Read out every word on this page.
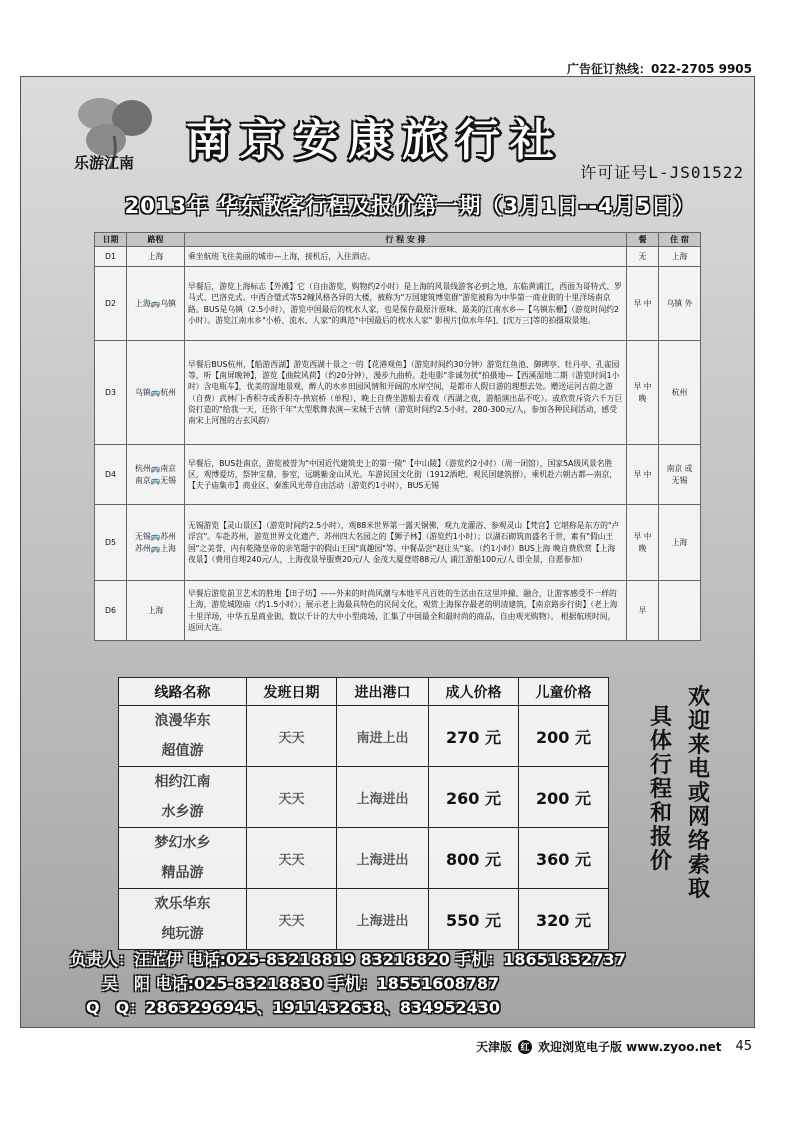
广告征订热线：022-2705 9905
乐游江南 南京安康旅行社
许可证号L-JS01522
2013年 华东散客行程及报价第一期（3月1日--4月5日）
日期	路程	行 程 安 排	餐	住 宿
D1	上海	乘坐航班飞往美丽的城市—上海，接机后，入住酒店。	无	上海
D2	上海🚌乌镇	早餐后，游览上海标志【外滩】它（自由游览，购物约2小时）是上海的风景线游客必到之地，东临黄浦江，西面为哥特式、罗马式、巴洛克式、中西合璧式等52幢风格各异的大楼，被称为"万国建筑博览群"游览被称为中华第一商业街的十里洋场南京路。BUS是乌镇（2.5小时），游览中国最后的枕水人家，也是保存最原汁原味、最美的江南水乡—【乌镇东栅】（游览时间约2小时）。游览江南水乡"小桥、流水、人家"的典范"中国最后的枕水人家" 影视片[似水年华]、[沈万三]等的拍摄取景地。	早 中	乌镇 外
D3	乌镇🚌杭州	早餐后BUS杭州，【船游西湖】游览西湖十景之一的【花港观鱼】（游览时间约30分钟）游览红鱼池、御碑亭、牡丹亭、孔雀园等，听【南屏晚钟】，游览【曲院风荷】（约20分钟），漫步九曲桥。赴电影"非诚勿扰"拍摄地—【西溪湿地二期（游览时间1小时）含电瓶车】，优美的湿地景观，醉人的水乡田园风情和开阔的水岸空间，是都市人假日游的理想去处。赠送运河古韵之游（自费）武林门-香积寺或香积寺-拱宸桥（单程），晚上自费坐游船去看戏（西湖之夜，游船演出品不吃）。或欣赏斥资六千万巨资打造的"给我一天，还你千年"大型歌舞表演—宋城千古情（游览时间约2.5小时，280-300元/人，参加各种民间活动，感受南宋上河图的古玄风韵）	早 中 晚	杭州
D4	杭州🚌南京 南京🚌无锡	早餐后，BUS赴南京，游览被誉为"中国近代建筑史上的第一陵"【中山陵】（游览约2小时）（周一闭馆），国家5A级风景名胜区，观博爱坊，祭钟宝鼎，参室，远眺紫金山风光。车游民国文化街（1912酒吧、观民国建筑群），乘机赴六朝古都—南京，【夫子庙集市】商业区、秦淮风光带自由活动（游览约1小时），BUS无锡	早 中	南京 或 无锡
D5	无锡🚌苏州 苏州🚌上海	无锡游览【灵山景区】（游览时间约2.5小时），观88米世界第一露天铜佛，观九龙灌浴、参观灵山【梵宫】它堪称是东方的"卢浮宫"。车赴苏州，游览世界文化遗产、苏州四大名园之的【狮子林】（游览约1小时）；以湖石砌筑而盛名于世，素有"假山王国"之美誉，内有乾隆皇帝的亲笔题字的假山王国"真趣园"等。中餐品尝"赵让头"宴。（约1小时）BUS上海 晚自费欣赏【上海夜景】（费用自理240元/人，上海夜景导服费20元/人 金茂大厦登塔88元/人 浦江游船100元/人 即全景，自愿参加）	早 中 晚	上海
D6	上海	早餐后游览前卫艺术的胜地【田子坊】——外来的时尚风潮与本地平凡百姓的生活由在这里冲撞、融合，让游客感受不一样的上海，游览城隍庙（约1.5小时）；展示老上海最具特色的民间文化，观赏上海保存最老的明清建筑，【南京路步行街】（老上海十里洋场，中华五星商业街，数以千计的大中小型商场，汇集了中国最全和最时尚的商品，自由观光购物）。 根据航班时间，返回大连。	早	
线路名称	发班日期	进出港口	成人价格	儿童价格

浪漫华东
超值游	天天	南进上出	270 元	200 元

相约江南
水乡游	天天	上海进出	260 元	200 元

梦幻水乡
精品游	天天	上海进出	800 元	360 元

欢乐华东
纯玩游	天天	上海进出	550 元	320 元
欢迎来电或网络索取
具体行程和报价
负责人：汪芷伊 电话:025-83218819 83218820 手机：18651832737
　　吴　阳 电话:025-83218830 手机：18551608787
　Q　Q：2863296945、1911432638、834952430
天津版 红 欢迎浏览电子版 www.zyoo.net 45
